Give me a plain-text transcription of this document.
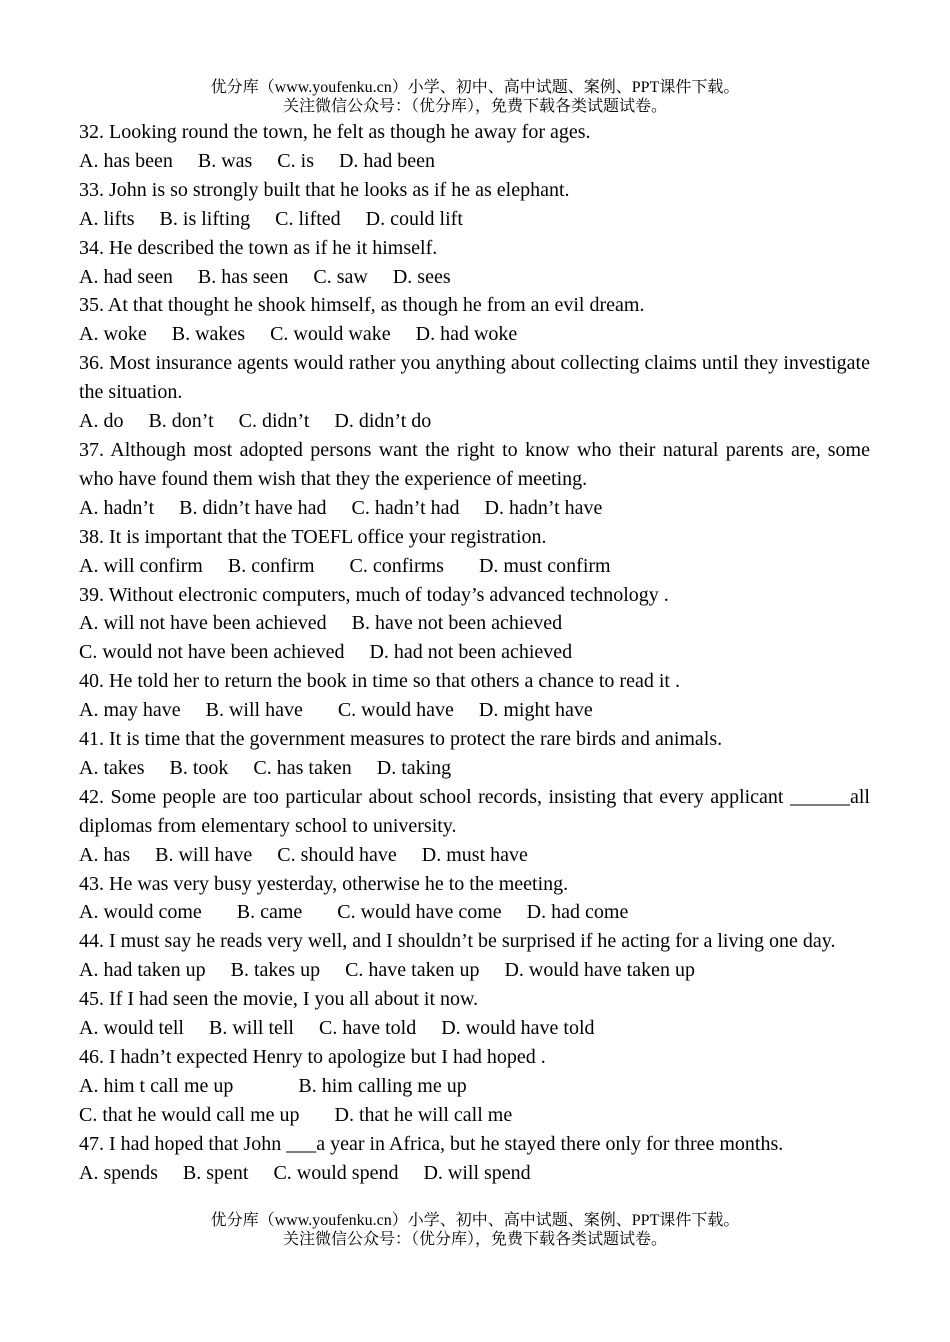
优分库（www.youfenku.cn）小学、初中、高中试题、案例、PPT课件下载。
关注微信公众号：（优分库），免费下载各类试题试卷。
32. Looking round the town, he felt as though he away for ages.
A. has been     B. was     C. is     D. had been
33. John is so strongly built that he looks as if he as elephant.
A. lifts     B. is lifting     C. lifted     D. could lift
34. He described the town as if he it himself.
A. had seen     B. has seen     C. saw     D. sees
35. At that thought he shook himself, as though he from an evil dream.
A. woke     B. wakes     C. would wake     D. had woke
36. Most insurance agents would rather you anything about collecting claims until they investigate the situation.
A. do     B. don’t     C. didn’t     D. didn’t do
37. Although most adopted persons want the right to know who their natural parents are, some who have found them wish that they the experience of meeting.
A. hadn’t     B. didn’t have had     C. hadn’t had     D. hadn’t have
38. It is important that the TOEFL office your registration.
A. will confirm     B. confirm       C. confirms       D. must confirm
39. Without electronic computers, much of today’s advanced technology .
A. will not have been achieved     B. have not been achieved
C. would not have been achieved     D. had not been achieved
40. He told her to return the book in time so that others a chance to read it .
A. may have     B. will have       C. would have     D. might have
41. It is time that the government measures to protect the rare birds and animals.
A. takes     B. took     C. has taken     D. taking
42. Some people are too particular about school records, insisting that every applicant ______all diplomas from elementary school to university.
A. has     B. will have     C. should have     D. must have
43. He was very busy yesterday, otherwise he to the meeting.
A. would come       B. came       C. would have come     D. had come
44. I must say he reads very well, and I shouldn’t be surprised if he acting for a living one day.
A. had taken up     B. takes up     C. have taken up     D. would have taken up
45. If I had seen the movie, I you all about it now.
A. would tell     B. will tell     C. have told     D. would have told
46. I hadn’t expected Henry to apologize but I had hoped .
A. him t call me up             B. him calling me up
C. that he would call me up       D. that he will call me
47. I had hoped that John ___a year in Africa, but he stayed there only for three months.
A. spends     B. spent     C. would spend     D. will spend
优分库（www.youfenku.cn）小学、初中、高中试题、案例、PPT课件下载。
关注微信公众号：（优分库），免费下载各类试题试卷。
